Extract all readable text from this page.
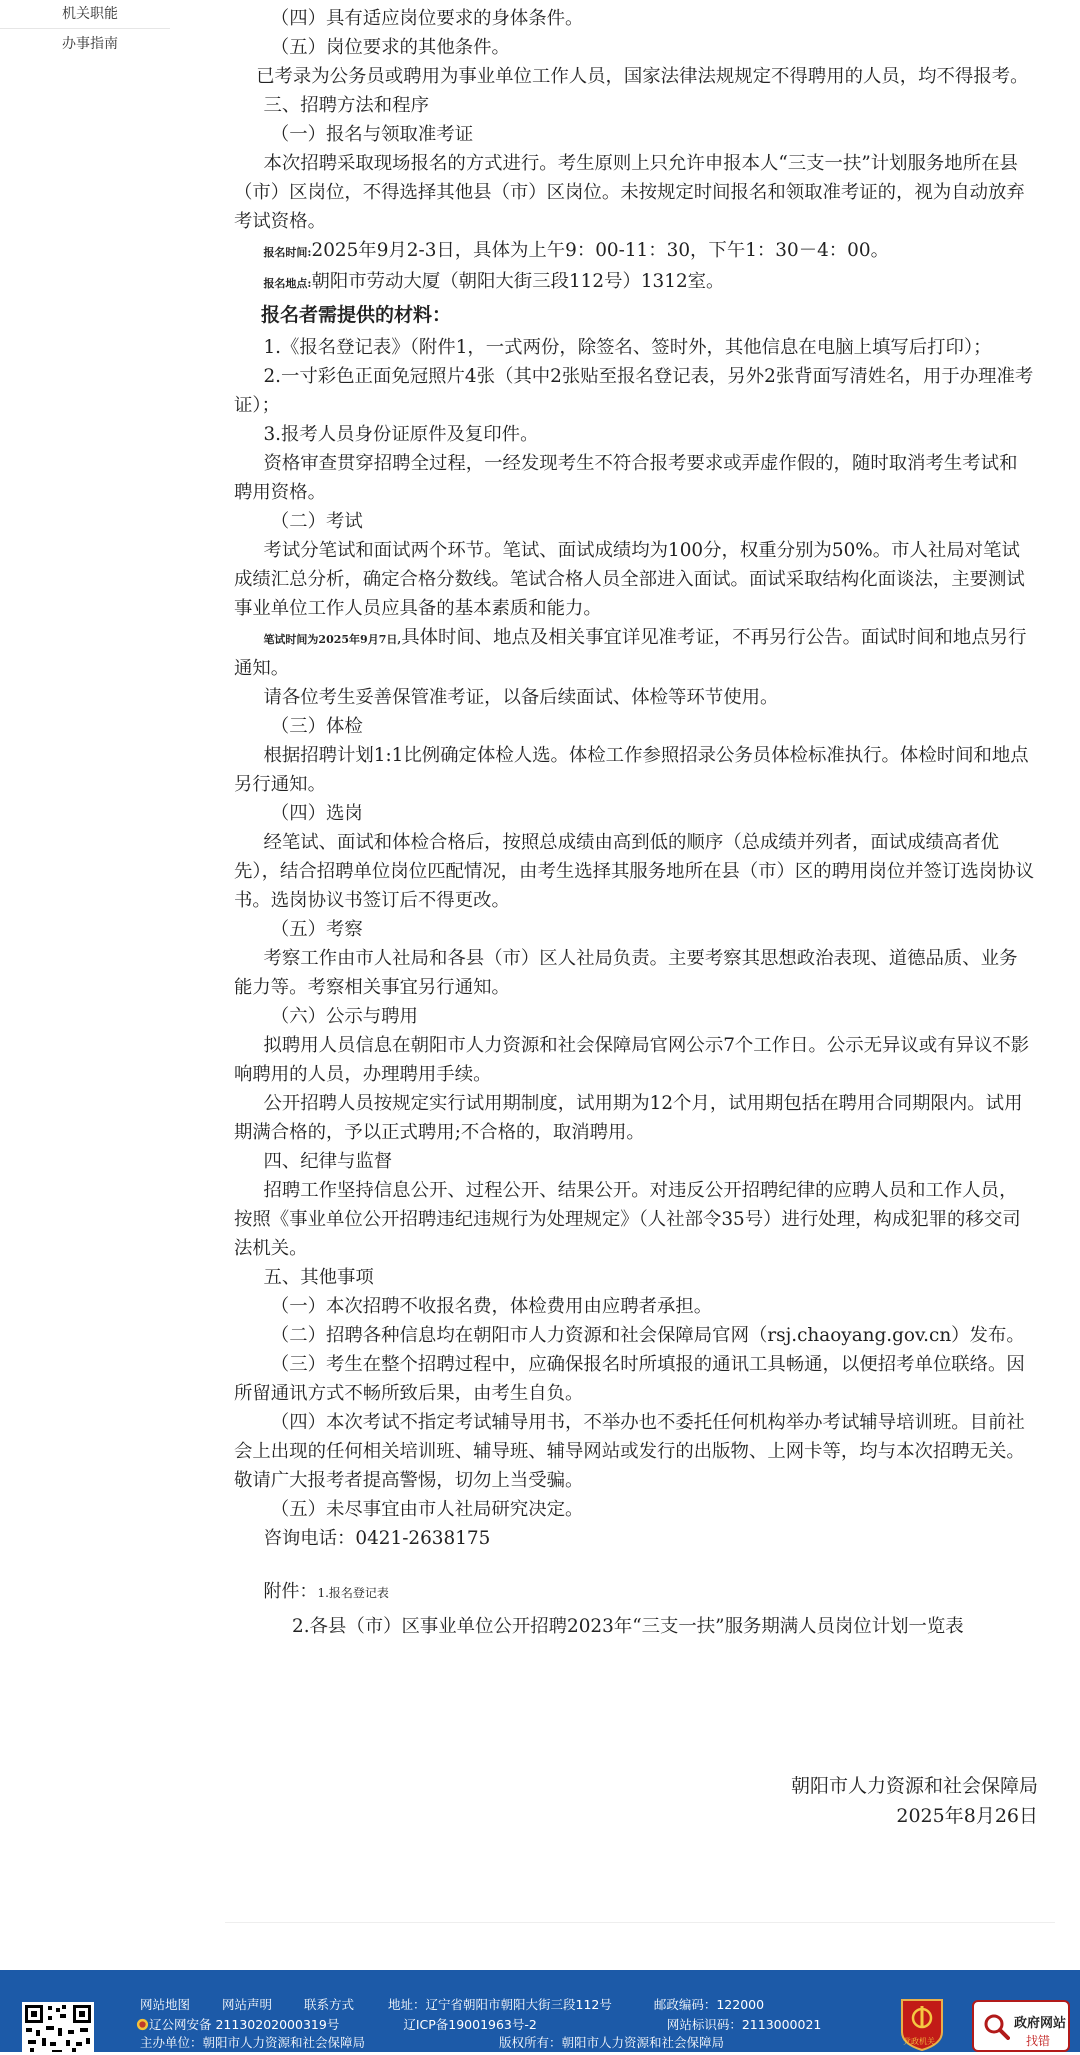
机关职能
办事指南

（四）具有适应岗位要求的身体条件。

（五）岗位要求的其他条件。

已考录为公务员或聘用为事业单位工作人员，国家法律法规规定不得聘用的人员，均不得报考。

三、招聘方法和程序

（一）报名与领取准考证

本次招聘采取现场报名的方式进行。考生原则上只允许申报本人“三支一扶”计划服务地所在县（市）区岗位，不得选择其他县（市）区岗位。未按规定时间报名和领取准考证的，视为自动放弃考试资格。

报名时间:2025年9月2-3日，具体为上午9：00-11：30，下午1：30－4：00。

报名地点:朝阳市劳动大厦（朝阳大街三段112号）1312室。

报名者需提供的材料：

1.《报名登记表》（附件1，一式两份，除签名、签时外，其他信息在电脑上填写后打印）；

2.一寸彩色正面免冠照片4张（其中2张贴至报名登记表，另外2张背面写清姓名，用于办理准考证）；

3.报考人员身份证原件及复印件。

资格审查贯穿招聘全过程，一经发现考生不符合报考要求或弄虚作假的，随时取消考生考试和聘用资格。

（二）考试

考试分笔试和面试两个环节。笔试、面试成绩均为100分，权重分别为50%。市人社局对笔试成绩汇总分析，确定合格分数线。笔试合格人员全部进入面试。面试采取结构化面谈法，主要测试事业单位工作人员应具备的基本素质和能力。

笔试时间为2025年9月7日,具体时间、地点及相关事宜详见准考证，不再另行公告。面试时间和地点另行通知。

请各位考生妥善保管准考证，以备后续面试、体检等环节使用。

（三）体检

根据招聘计划1:1比例确定体检人选。体检工作参照招录公务员体检标准执行。体检时间和地点另行通知。

（四）选岗

经笔试、面试和体检合格后，按照总成绩由高到低的顺序（总成绩并列者，面试成绩高者优先），结合招聘单位岗位匹配情况，由考生选择其服务地所在县（市）区的聘用岗位并签订选岗协议书。选岗协议书签订后不得更改。

（五）考察

考察工作由市人社局和各县（市）区人社局负责。主要考察其思想政治表现、道德品质、业务能力等。考察相关事宜另行通知。

（六）公示与聘用

拟聘用人员信息在朝阳市人力资源和社会保障局官网公示7个工作日。公示无异议或有异议不影响聘用的人员，办理聘用手续。

公开招聘人员按规定实行试用期制度，试用期为12个月，试用期包括在聘用合同期限内。试用期满合格的，予以正式聘用;不合格的，取消聘用。

四、纪律与监督

招聘工作坚持信息公开、过程公开、结果公开。对违反公开招聘纪律的应聘人员和工作人员，按照《事业单位公开招聘违纪违规行为处理规定》（人社部令35号）进行处理，构成犯罪的移交司法机关。

五、其他事项

（一）本次招聘不收报名费，体检费用由应聘者承担。

（二）招聘各种信息均在朝阳市人力资源和社会保障局官网（rsj.chaoyang.gov.cn）发布。

（三）考生在整个招聘过程中，应确保报名时所填报的通讯工具畅通，以便招考单位联络。因所留通讯方式不畅所致后果，由考生自负。

（四）本次考试不指定考试辅导用书，不举办也不委托任何机构举办考试辅导培训班。目前社会上出现的任何相关培训班、辅导班、辅导网站或发行的出版物、上网卡等，均与本次招聘无关。敬请广大报考者提高警惕，切勿上当受骗。

（五）未尽事宜由市人社局研究决定。

咨询电话：0421-2638175

附件：1.报名登记表

2.各县（市）区事业单位公开招聘2023年“三支一扶”服务期满人员岗位计划一览表

朝阳市人力资源和社会保障局
2025年8月26日
网站地图	网站声明	联系方式	地址：辽宁省朝阳市朝阳大街三段112号	邮政编码：122000
辽公网安备 21130202000319号	辽ICP备19001963号-2	网站标识码：2113000021
主办单位：朝阳市人力资源和社会保障局	版权所有：朝阳市人力资源和社会保障局	党政机关
政府网站
找错
